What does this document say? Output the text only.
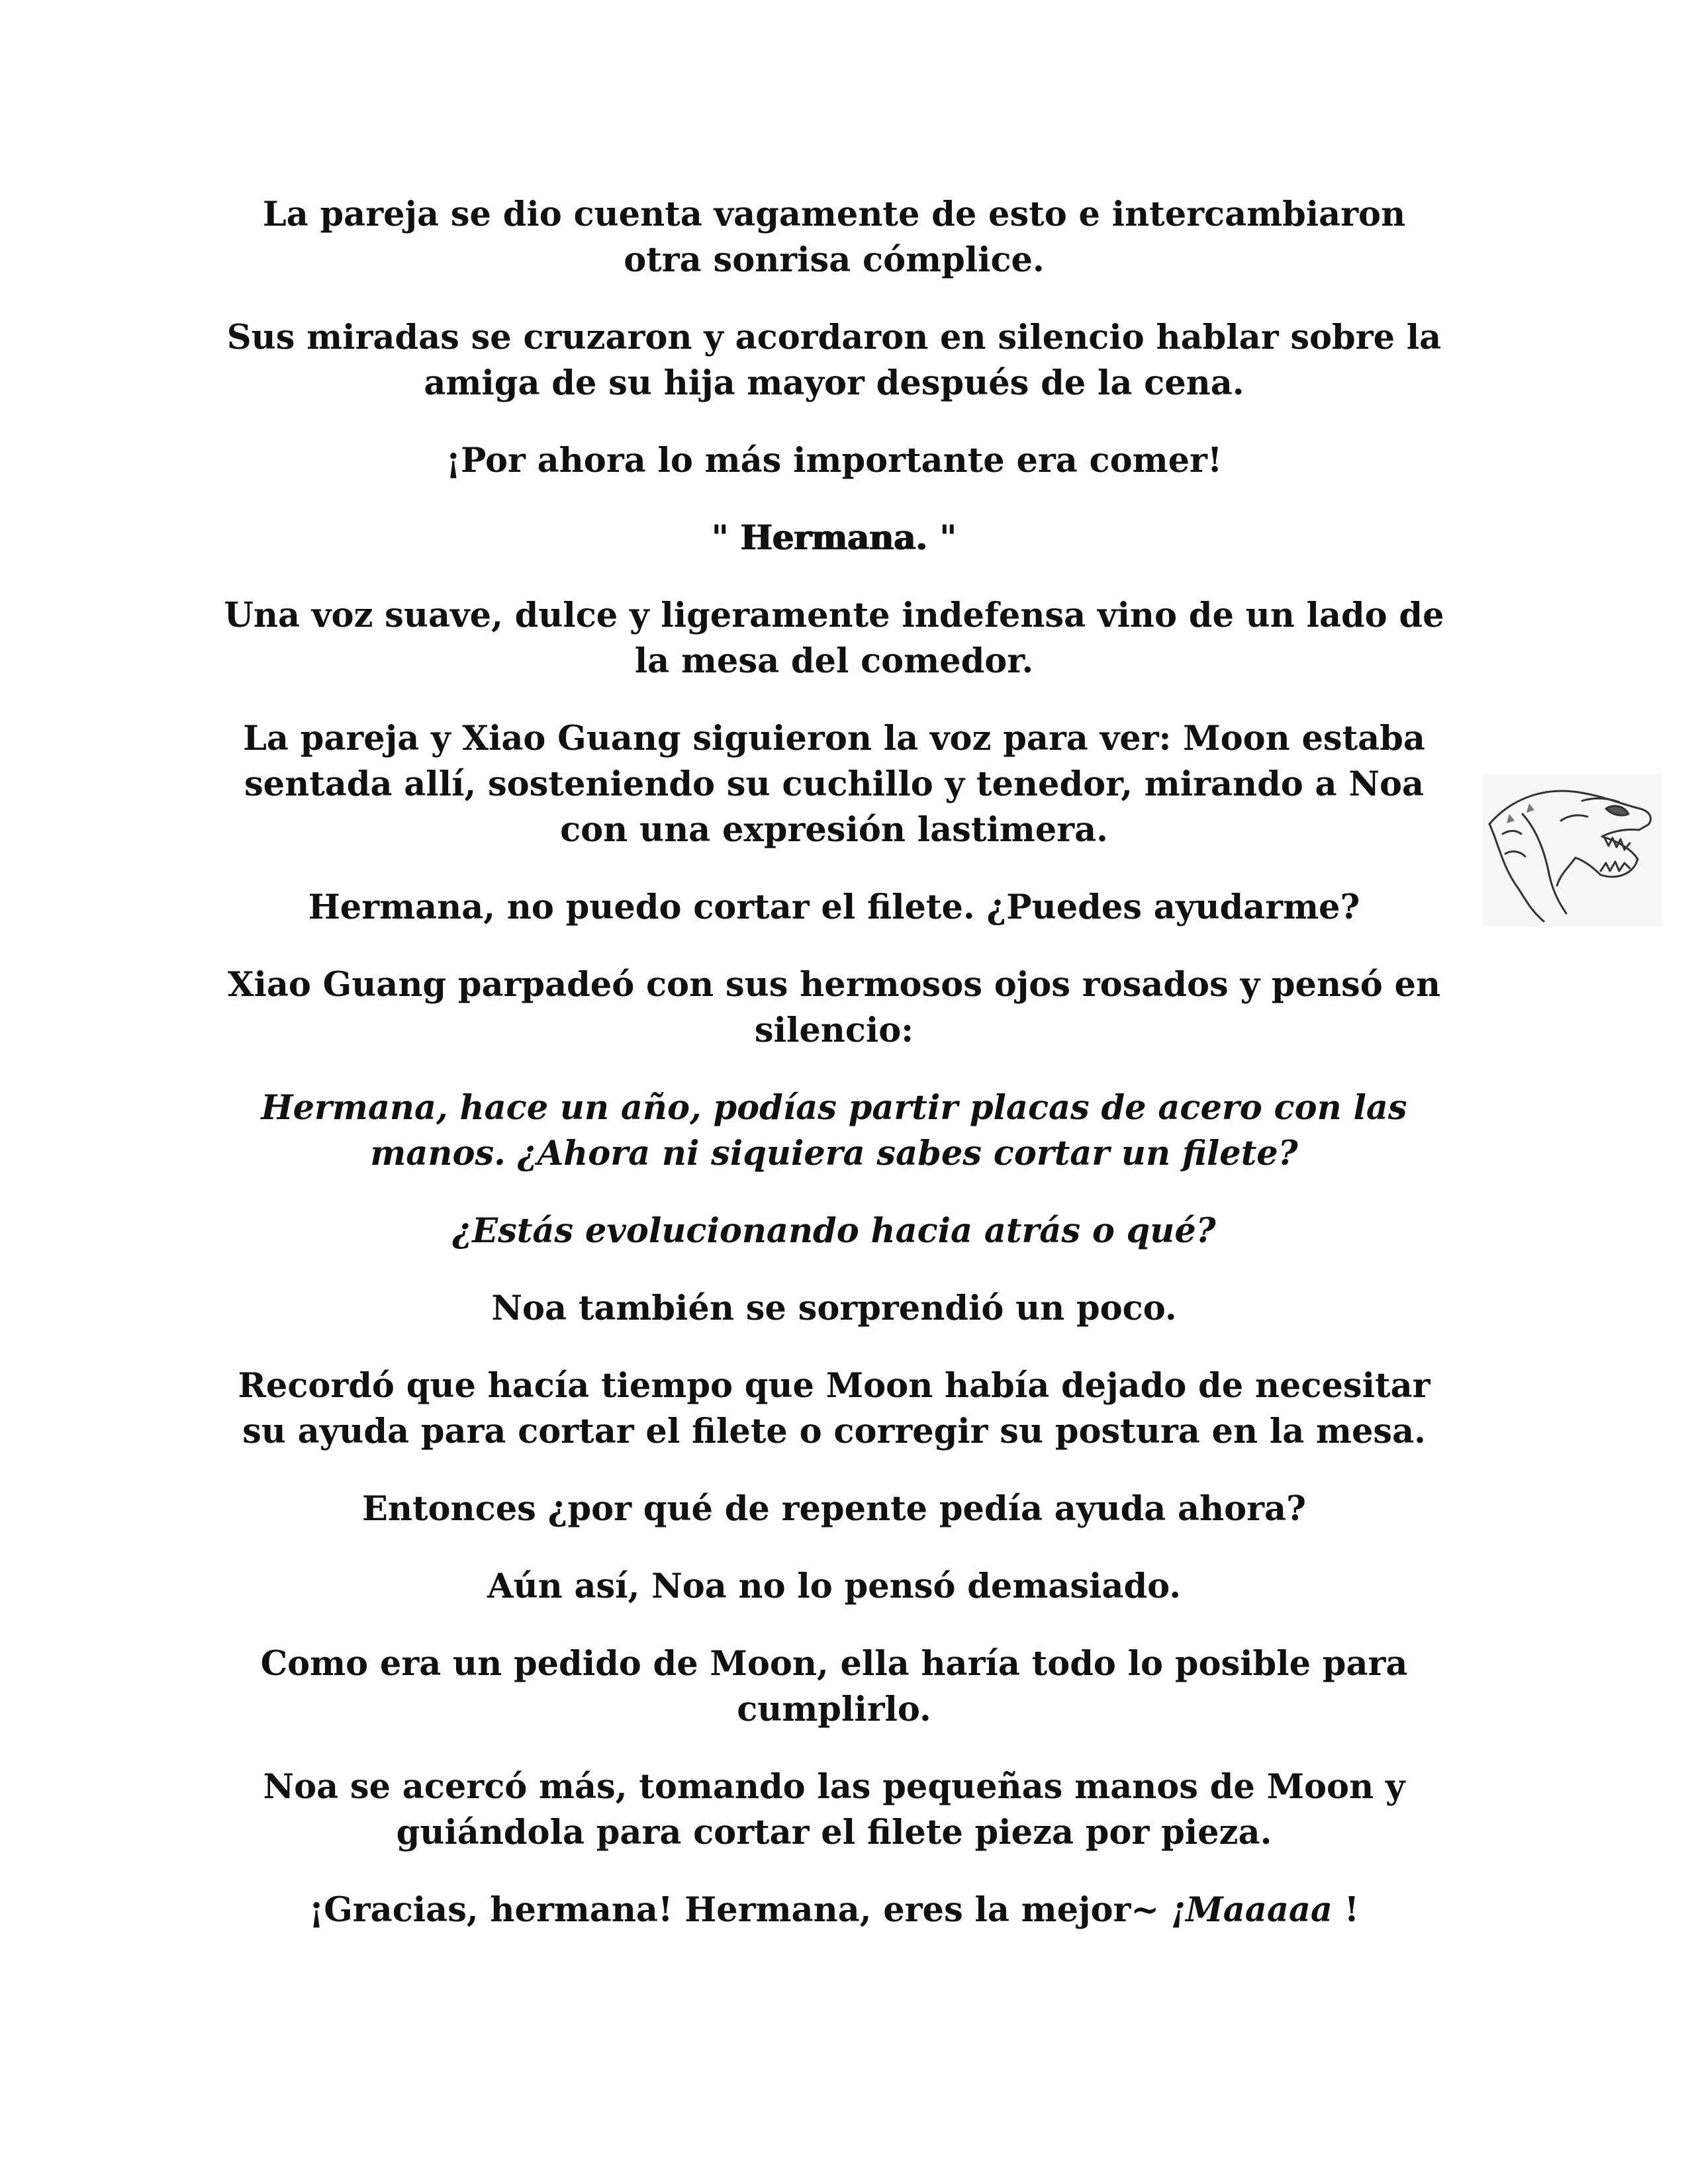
La pareja se dio cuenta vagamente de esto e intercambiaron otra sonrisa cómplice.

Sus miradas se cruzaron y acordaron en silencio hablar sobre la amiga de su hija mayor después de la cena.

¡Por ahora lo más importante era comer!

" Hermana. "

Una voz suave, dulce y ligeramente indefensa vino de un lado de la mesa del comedor.

La pareja y Xiao Guang siguieron la voz para ver: Moon estaba sentada allí, sosteniendo su cuchillo y tenedor, mirando a Noa con una expresión lastimera.

Hermana, no puedo cortar el filete. ¿Puedes ayudarme?

Xiao Guang parpadeó con sus hermosos ojos rosados y pensó en silencio:

Hermana, hace un año, podías partir placas de acero con las manos. ¿Ahora ni siquiera sabes cortar un filete?

¿Estás evolucionando hacia atrás o qué?

Noa también se sorprendió un poco.

Recordó que hacía tiempo que Moon había dejado de necesitar su ayuda para cortar el filete o corregir su postura en la mesa.

Entonces ¿por qué de repente pedía ayuda ahora?

Aún así, Noa no lo pensó demasiado.

Como era un pedido de Moon, ella haría todo lo posible para cumplirlo.

Noa se acercó más, tomando las pequeñas manos de Moon y guiándola para cortar el filete pieza por pieza.

¡Gracias, hermana! Hermana, eres la mejor~ ¡Maaaaa !
